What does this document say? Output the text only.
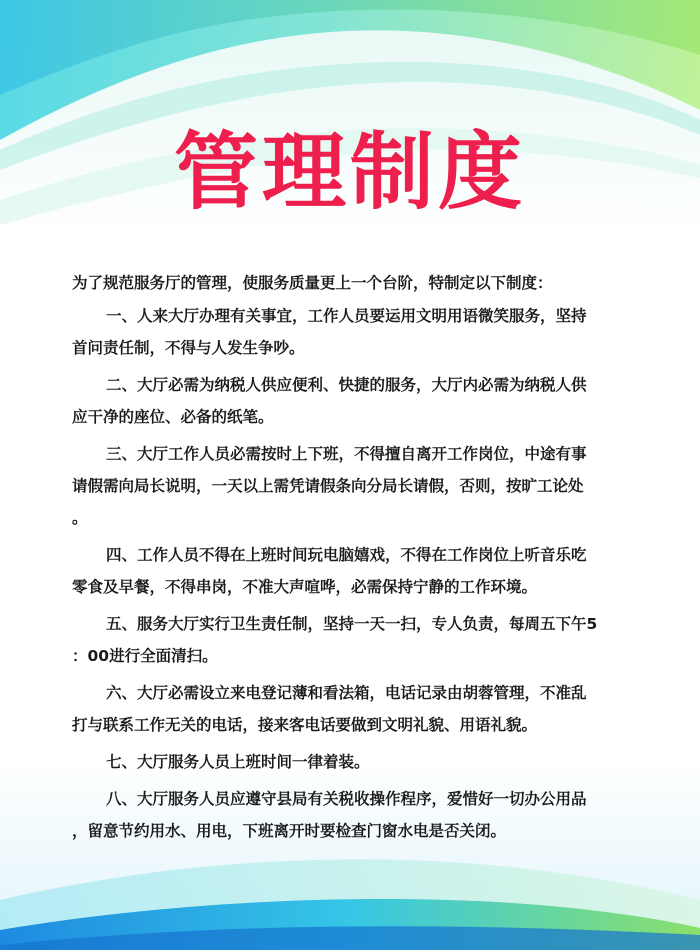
管理制度
为了规范服务厅的管理，使服务质量更上一个台阶，特制定以下制度：
一、人来大厅办理有关事宜，工作人员要运用文明用语微笑服务，坚持
首问责任制，不得与人发生争吵。
二、大厅必需为纳税人供应便利、快捷的服务，大厅内必需为纳税人供
应干净的座位、必备的纸笔。
三、大厅工作人员必需按时上下班，不得擅自离开工作岗位，中途有事
请假需向局长说明，一天以上需凭请假条向分局长请假，否则，按旷工论处
。
四、工作人员不得在上班时间玩电脑嬉戏，不得在工作岗位上听音乐吃
零食及早餐，不得串岗，不准大声喧哗，必需保持宁静的工作环境。
五、服务大厅实行卫生责任制，坚持一天一扫，专人负责，每周五下午5
：00进行全面清扫。
六、大厅必需设立来电登记薄和看法箱，电话记录由胡蓉管理，不准乱
打与联系工作无关的电话，接来客电话要做到文明礼貌、用语礼貌。
七、大厅服务人员上班时间一律着装。
八、大厅服务人员应遵守县局有关税收操作程序，爱惜好一切办公用品
，留意节约用水、用电，下班离开时要检查门窗水电是否关闭。
